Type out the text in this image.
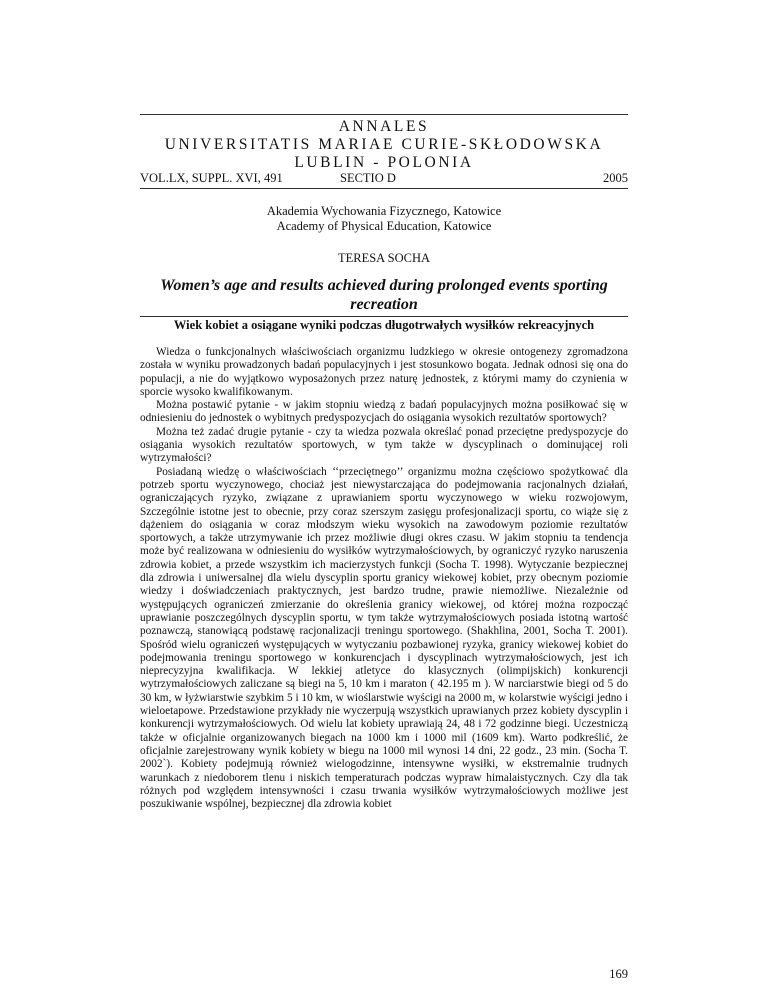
ANNALES
UNIVERSITATIS MARIAE CURIE-SKŁODOWSKA
LUBLIN - POLONIA
VOL.LX, SUPPL. XVI, 491	SECTIO D	2005
Akademia Wychowania Fizycznego, Katowice
Academy of Physical Education, Katowice
TERESA SOCHA
Women’s age and results achieved during prolonged events sporting recreation
Wiek kobiet a osiągane wyniki podczas długotrwałych wysiłków rekreacyjnych

Wiedza o funkcjonalnych właściwościach organizmu ludzkiego w okresie ontogenezy zgromadzona została w wyniku prowadzonych badań populacyjnych i jest stosunkowo bogata. Jednak odnosi się ona do populacji, a nie do wyjątkowo wyposażonych przez naturę jednostek, z którymi mamy do czynienia w sporcie wysoko kwalifikowanym.

Można postawić pytanie - w jakim stopniu wiedzą z badań populacyjnych można posiłkować się w odniesieniu do jednostek o wybitnych predyspozycjach do osiągania wysokich rezultatów sportowych?

Można też zadać drugie pytanie - czy ta wiedza pozwala określać ponad przeciętne predyspozycje do osiągania wysokich rezultatów sportowych, w tym także w dyscyplinach o dominującej roli wytrzymałości?

Posiadaną wiedzę o właściwościach ‘‘przeciętnego’’ organizmu można częściowo spożytkować dla potrzeb sportu wyczynowego, chociaż jest niewystarczająca do podejmowania racjonalnych działań, ograniczających ryzyko, związane z uprawianiem sportu wyczynowego w wieku rozwojowym, Szczególnie istotne jest to obecnie, przy coraz szerszym zasięgu profesjonalizacji sportu, co wiąże się z dążeniem do osiągania w coraz młodszym wieku wysokich na zawodowym poziomie rezultatów sportowych, a także utrzymywanie ich przez możliwie długi okres czasu. W jakim stopniu ta tendencja może być realizowana w odniesieniu do wysiłków wytrzymałościowych, by ograniczyć ryzyko naruszenia zdrowia kobiet, a przede wszystkim ich macierzystych funkcji (Socha T. 1998). Wytyczanie bezpiecznej dla zdrowia i uniwersalnej dla wielu dyscyplin sportu granicy wiekowej kobiet, przy obecnym poziomie wiedzy i doświadczeniach praktycznych, jest bardzo trudne, prawie niemożliwe. Niezależnie od występujących ograniczeń zmierzanie do określenia granicy wiekowej, od której można rozpocząć uprawianie poszczególnych dyscyplin sportu, w tym także wytrzymałościowych posiada istotną wartość poznawczą, stanowiącą podstawę racjonalizacji treningu sportowego. (Shakhlina, 2001, Socha T. 2001). Spośród wielu ograniczeń występujących w wytyczaniu pozbawionej ryzyka, granicy wiekowej kobiet do podejmowania treningu sportowego w konkurencjach i dyscyplinach wytrzymałościowych, jest ich nieprecyzyjna kwalifikacja. W lekkiej atletyce do klasycznych (olimpijskich) konkurencji wytrzymałościowych zaliczane są biegi na 5, 10 km i maraton ( 42.195 m ). W narciarstwie biegi od 5 do 30 km, w łyżwiarstwie szybkim 5 i 10 km, w wioślarstwie wyścigi na 2000 m, w kolarstwie wyścigi jedno i wieloetapowe. Przedstawione przykłady nie wyczerpują wszystkich uprawianych przez kobiety dyscyplin i konkurencji wytrzymałościowych. Od wielu lat kobiety uprawiają 24, 48 i 72 godzinne biegi. Uczestniczą także w oficjalnie organizowanych biegach na 1000 km i 1000 mil (1609 km). Warto podkreślić, że oficjalnie zarejestrowany wynik kobiety w biegu na 1000 mil wynosi 14 dni, 22 godz., 23 min. (Socha T. 2002`). Kobiety podejmują również wielogodzinne, intensywne wysiłki, w ekstremalnie trudnych warunkach z niedoborem tlenu i niskich temperaturach podczas wypraw himalaistycznych. Czy dla tak różnych pod względem intensywności i czasu trwania wysiłków wytrzymałościowych możliwe jest poszukiwanie wspólnej, bezpiecznej dla zdrowia kobiet

169
